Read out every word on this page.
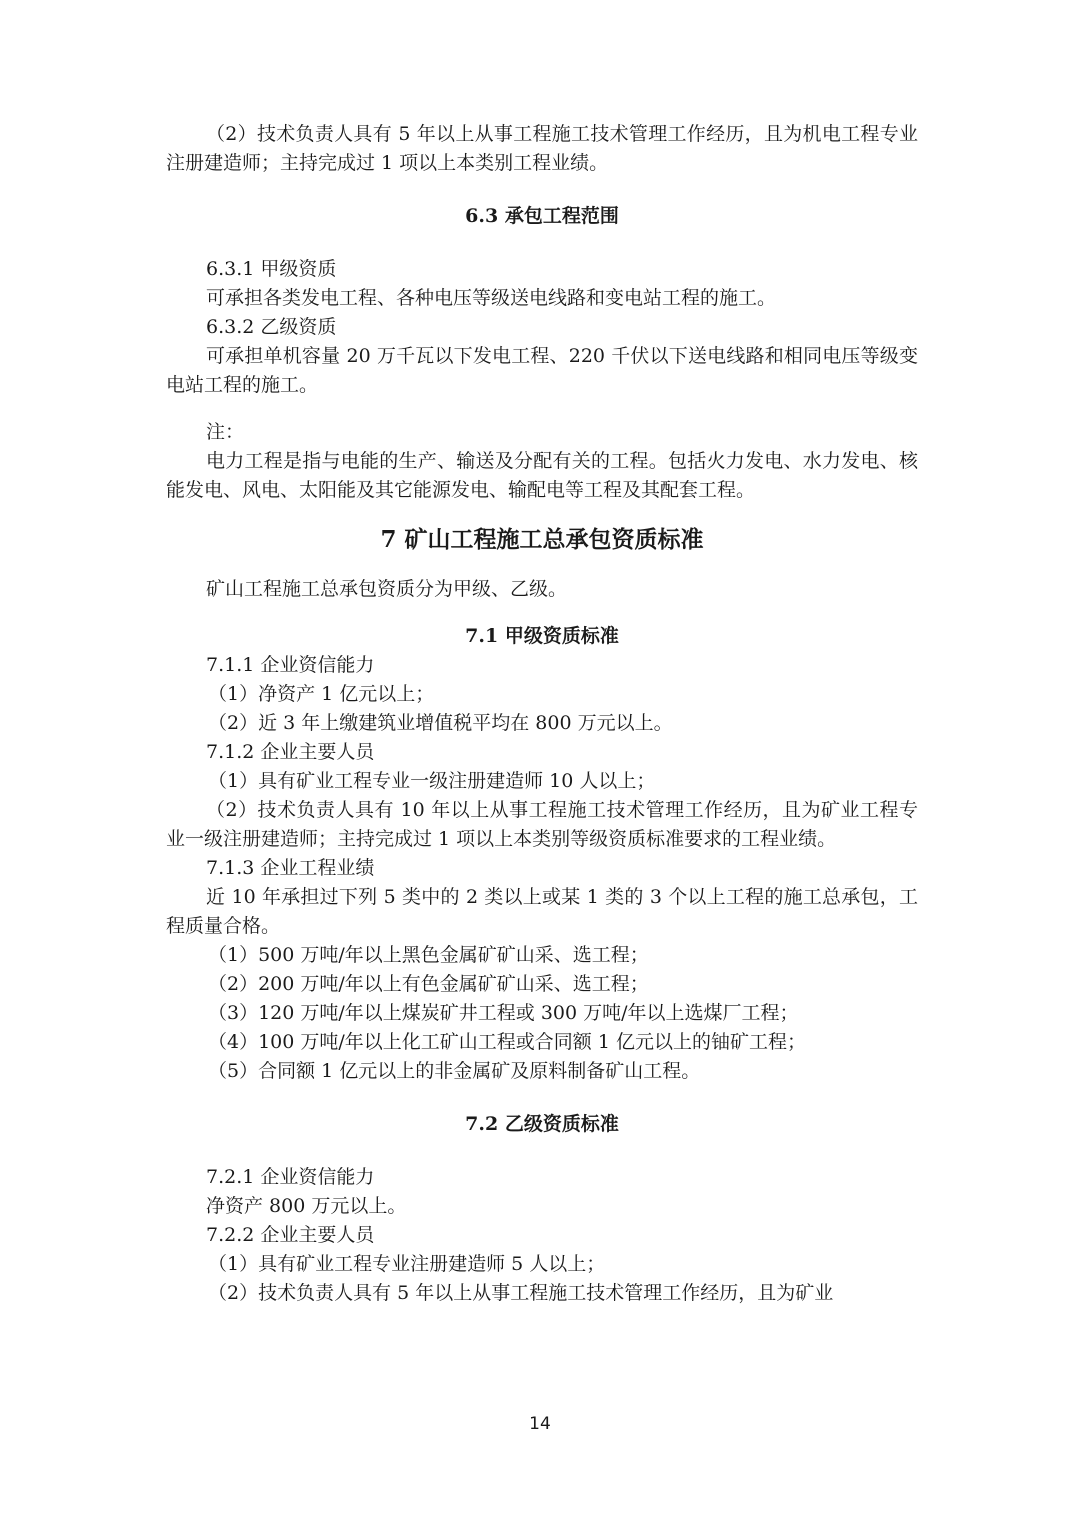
（2）技术负责人具有 5 年以上从事工程施工技术管理工作经历，且为机电工程专业注册建造师；主持完成过 1 项以上本类别工程业绩。

6.3 承包工程范围

6.3.1 甲级资质

可承担各类发电工程、各种电压等级送电线路和变电站工程的施工。

6.3.2 乙级资质

可承担单机容量 20 万千瓦以下发电工程、220 千伏以下送电线路和相同电压等级变电站工程的施工。

注：

电力工程是指与电能的生产、输送及分配有关的工程。包括火力发电、水力发电、核能发电、风电、太阳能及其它能源发电、输配电等工程及其配套工程。

7 矿山工程施工总承包资质标准

矿山工程施工总承包资质分为甲级、乙级。

7.1 甲级资质标准

7.1.1 企业资信能力

（1）净资产 1 亿元以上；

（2）近 3 年上缴建筑业增值税平均在 800 万元以上。

7.1.2 企业主要人员

（1）具有矿业工程专业一级注册建造师 10 人以上；

（2）技术负责人具有 10 年以上从事工程施工技术管理工作经历，且为矿业工程专业一级注册建造师；主持完成过 1 项以上本类别等级资质标准要求的工程业绩。

7.1.3 企业工程业绩

近 10 年承担过下列 5 类中的 2 类以上或某 1 类的 3 个以上工程的施工总承包，工程质量合格。

（1）500 万吨/年以上黑色金属矿矿山采、选工程；

（2）200 万吨/年以上有色金属矿矿山采、选工程；

（3）120 万吨/年以上煤炭矿井工程或 300 万吨/年以上选煤厂工程；

（4）100 万吨/年以上化工矿山工程或合同额 1 亿元以上的铀矿工程；

（5）合同额 1 亿元以上的非金属矿及原料制备矿山工程。

7.2 乙级资质标准

7.2.1 企业资信能力

净资产 800 万元以上。

7.2.2 企业主要人员

（1）具有矿业工程专业注册建造师 5 人以上；

（2）技术负责人具有 5 年以上从事工程施工技术管理工作经历，且为矿业

14
